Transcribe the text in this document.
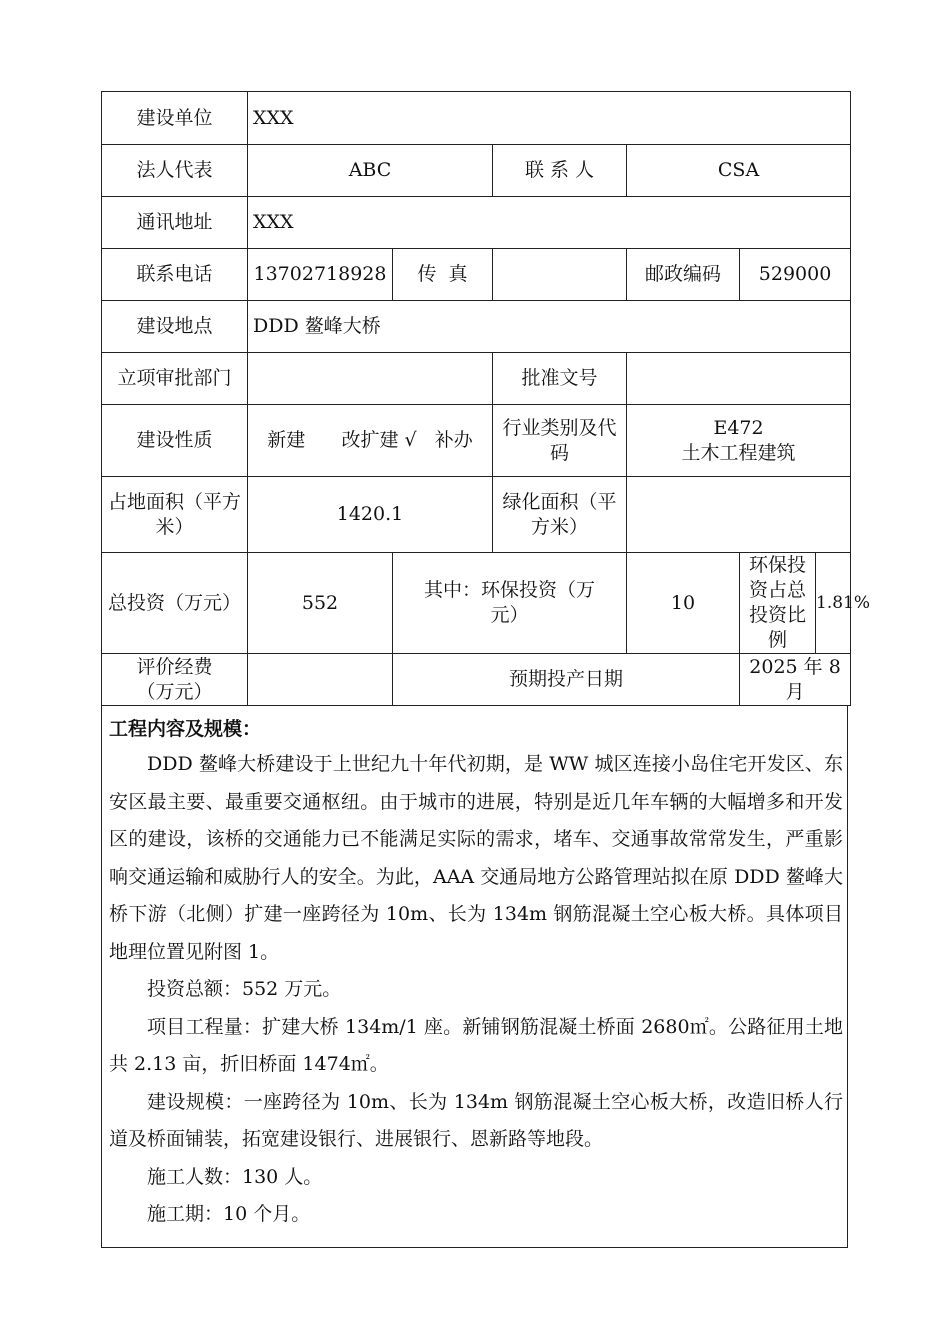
建设单位	XXX					
法人代表	ABC		联 系 人	CSA		
通讯地址	XXX					
联系电话	13702718928	传  真		邮政编码	529000	
建设地点	DDD 鳌峰大桥					
立项审批部门			批准文号			
建设性质	新建      改扩建 √   补办		行业类别及代码	E472
土木工程建筑		

占地面积（平方米）	1420.1		绿化面积（平方米）			
总投资（万元）	552	其中：环保投资（万元）		10	环保投资占总投资比例	1.81%
评价经费（万元）		预期投产日期			2025 年 8 月	
工程内容及规模：

DDD 鳌峰大桥建设于上世纪九十年代初期，是 WW 城区连接小岛住宅开发区、东安区最主要、最重要交通枢纽。由于城市的进展，特别是近几年车辆的大幅增多和开发区的建设，该桥的交通能力已不能满足实际的需求，堵车、交通事故常常发生，严重影响交通运输和威胁行人的安全。为此，AAA 交通局地方公路管理站拟在原 DDD 鳌峰大桥下游（北侧）扩建一座跨径为 10m、长为 134m 钢筋混凝土空心板大桥。具体项目地理位置见附图 1。

投资总额：552 万元。

项目工程量：扩建大桥 134m/1 座。新铺钢筋混凝土桥面 2680㎡。公路征用土地共 2.13 亩，折旧桥面 1474㎡。

建设规模：一座跨径为 10m、长为 134m 钢筋混凝土空心板大桥，改造旧桥人行道及桥面铺装，拓宽建设银行、进展银行、恩新路等地段。

施工人数：130 人。

施工期：10 个月。
